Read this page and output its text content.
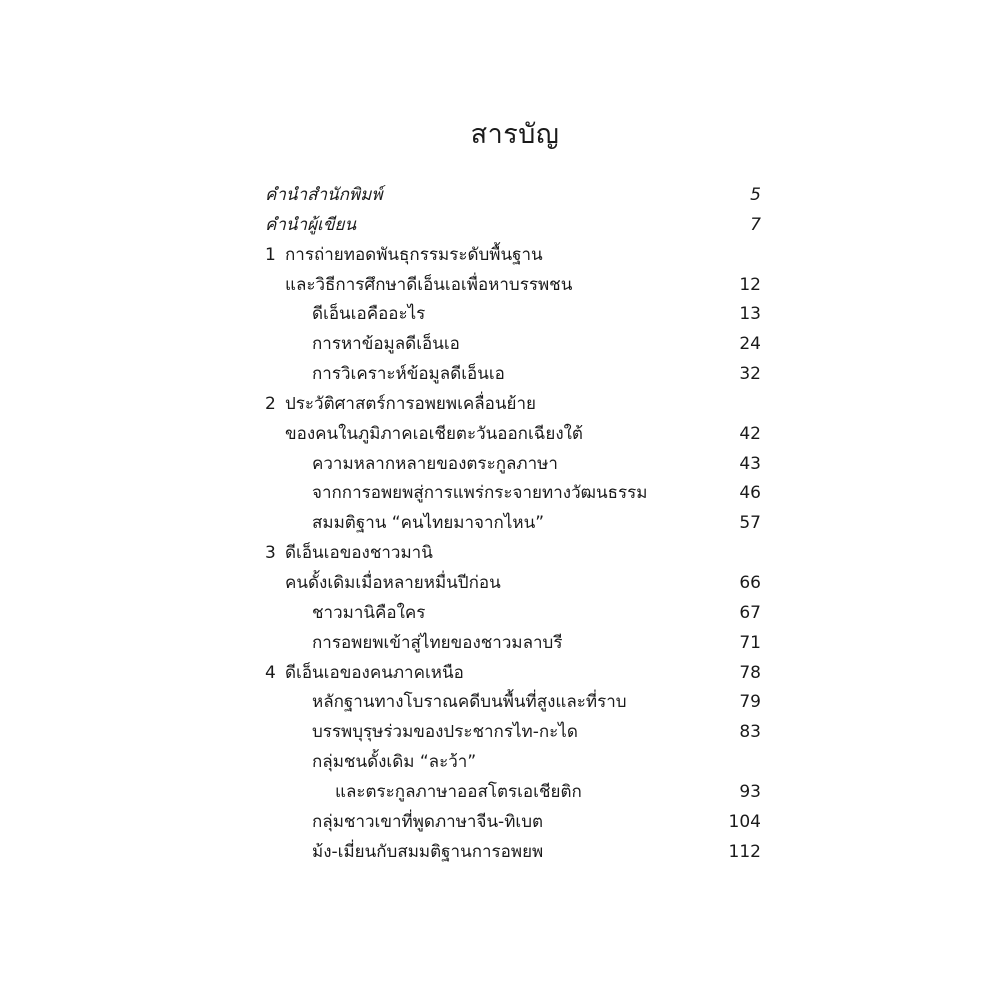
สารบัญ
คำนำสำนักพิมพ์	5
คำนำผู้เขียน	7
1 การถ่ายทอดพันธุกรรมระดับพื้นฐาน
และวิธีการศึกษาดีเอ็นเอเพื่อหาบรรพชน	12
ดีเอ็นเอคืออะไร	13
การหาข้อมูลดีเอ็นเอ	24
การวิเคราะห์ข้อมูลดีเอ็นเอ	32
2 ประวัติศาสตร์การอพยพเคลื่อนย้าย
ของคนในภูมิภาคเอเชียตะวันออกเฉียงใต้	42
ความหลากหลายของตระกูลภาษา	43
จากการอพยพสู่การแพร่กระจายทางวัฒนธรรม	46
สมมติฐาน “คนไทยมาจากไหน”	57
3 ดีเอ็นเอของชาวมานิ
คนดั้งเดิมเมื่อหลายหมื่นปีก่อน	66
ชาวมานิคือใคร	67
การอพยพเข้าสู่ไทยของชาวมลาบรี	71
4 ดีเอ็นเอของคนภาคเหนือ	78
หลักฐานทางโบราณคดีบนพื้นที่สูงและที่ราบ	79
บรรพบุรุษร่วมของประชากรไท-กะได	83
กลุ่มชนดั้งเดิม “ละว้า”
และตระกูลภาษาออสโตรเอเชียติก	93
กลุ่มชาวเขาที่พูดภาษาจีน-ทิเบต	104
ม้ง-เมี่ยนกับสมมติฐานการอพยพ	112
